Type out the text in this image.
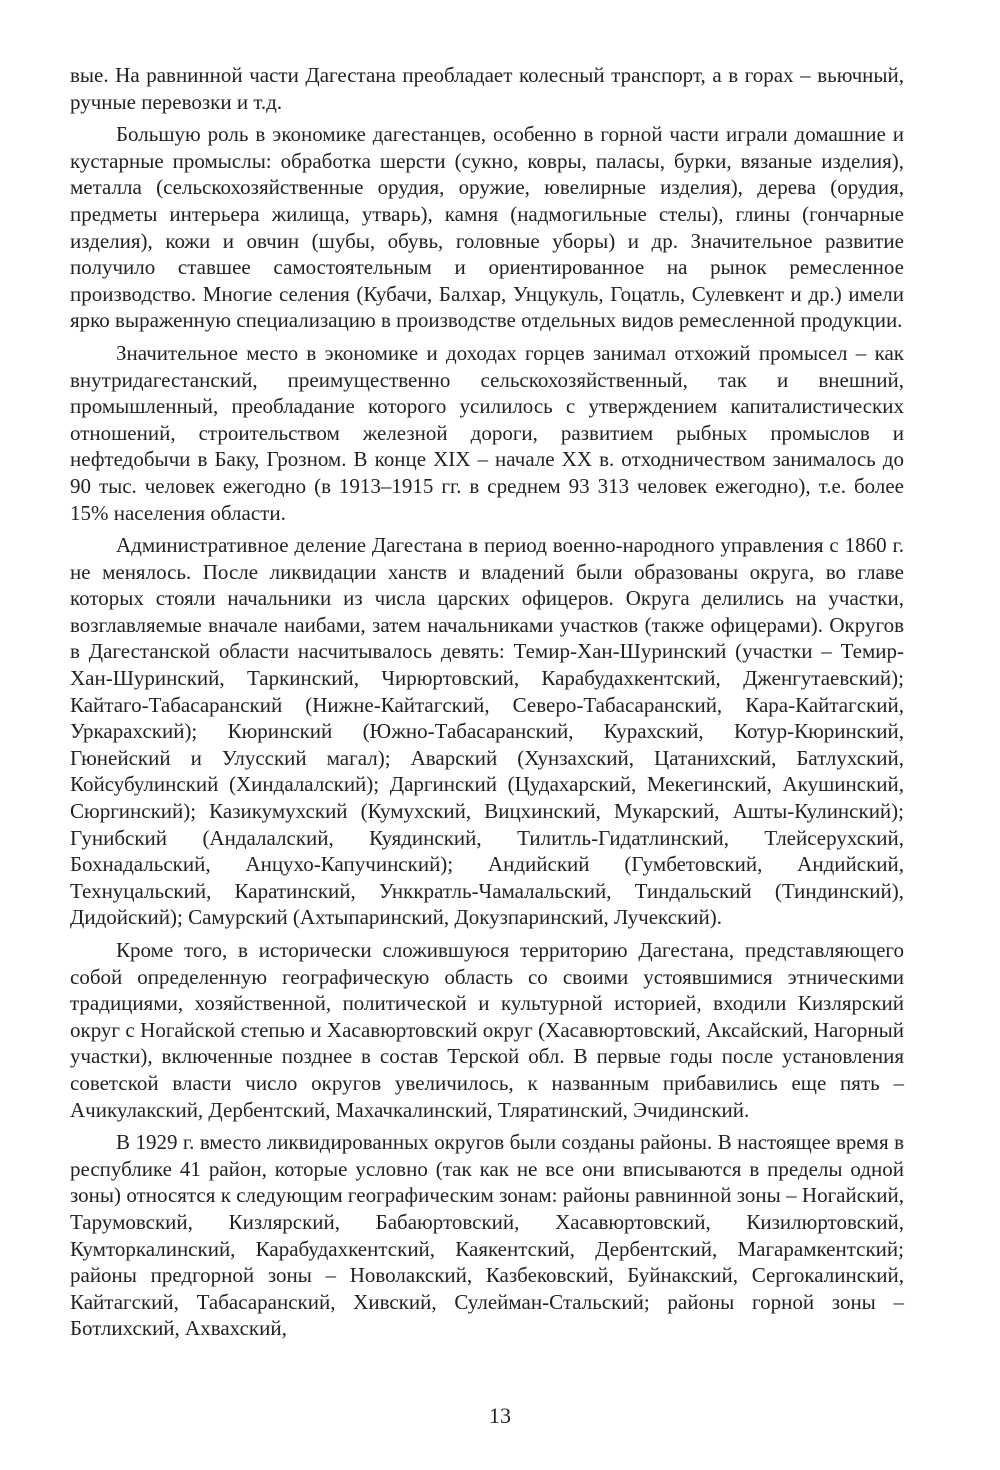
вые. На равнинной части Дагестана преобладает колесный транспорт, а в горах – вьючный, ручные перевозки и т.д.

Большую роль в экономике дагестанцев, особенно в горной части играли домашние и кустарные промыслы: обработка шерсти (сукно, ковры, паласы, бурки, вязаные изделия), металла (сельскохозяйственные орудия, оружие, ювелирные изделия), дерева (орудия, предметы интерьера жилища, утварь), камня (надмогильные стелы), глины (гончарные изделия), кожи и овчин (шубы, обувь, головные уборы) и др. Значительное развитие получило ставшее самостоятельным и ориентированное на рынок ремесленное производство. Многие селения (Кубачи, Балхар, Унцукуль, Гоцатль, Сулевкент и др.) имели ярко выраженную специализацию в производстве отдельных видов ремесленной продукции.

Значительное место в экономике и доходах горцев занимал отхожий промысел – как внутридагестанский, преимущественно сельскохозяйственный, так и внешний, промышленный, преобладание которого усилилось с утверждением капиталистических отношений, строительством железной дороги, развитием рыбных промыслов и нефтедобычи в Баку, Грозном. В конце XIX – начале XX в. отходничеством занималось до 90 тыс. человек ежегодно (в 1913–1915 гг. в среднем 93 313 человек ежегодно), т.е. более 15% населения области.

Административное деление Дагестана в период военно-народного управления с 1860 г. не менялось. После ликвидации ханств и владений были образованы округа, во главе которых стояли начальники из числа царских офицеров. Округа делились на участки, возглавляемые вначале наибами, затем начальниками участков (также офицерами). Округов в Дагестанской области насчитывалось девять: Темир-Хан-Шуринский (участки – Темир-Хан-Шуринский, Таркинский, Чирюртовский, Карабудахкентский, Дженгутаевский); Кайтаго-Табасаранский (Нижне-Кайтагский, Северо-Табасаранский, Кара-Кайтагский, Уркарахский); Кюринский (Южно-Табасаранский, Курахский, Котур-Кюринский, Гюнейский и Улусский магал); Аварский (Хунзахский, Цатанихский, Батлухский, Койсубулинский (Хиндалалский); Даргинский (Цудахарский, Мекегинский, Акушинский, Сюргинский); Казикумухский (Кумухский, Вицхинский, Мукарский, Ашты-Кулинский); Гунибский (Андалалский, Куядинский, Тилитль-Гидатлинский, Тлейсерухский, Бохнадальский, Анцухо-Капучинский); Андийский (Гумбетовский, Андийский, Технуцальский, Каратинский, Унккратль-Чамалальский, Тиндальский (Тиндинский), Дидойский); Самурский (Ахтыпаринский, Докузпаринский, Лучекский).

Кроме того, в исторически сложившуюся территорию Дагестана, представляющего собой определенную географическую область со своими устоявшимися этническими традициями, хозяйственной, политической и культурной историей, входили Кизлярский округ с Ногайской степью и Хасавюртовский округ (Хасавюртовский, Аксайский, Нагорный участки), включенные позднее в состав Терской обл. В первые годы после установления советской власти число округов увеличилось, к названным прибавились еще пять – Ачикулакский, Дербентский, Махачкалинский, Тляратинский, Эчидинский.

В 1929 г. вместо ликвидированных округов были созданы районы. В настоящее время в республике 41 район, которые условно (так как не все они вписываются в пределы одной зоны) относятся к следующим географическим зонам: районы равнинной зоны – Ногайский, Тарумовский, Кизлярский, Бабаюртовский, Хасавюртовский, Кизилюртовский, Кумторкалинский, Карабудахкентский, Каякентский, Дербентский, Магарамкентский; районы предгорной зоны – Новолакский, Казбековский, Буйнакский, Сергокалинский, Кайтагский, Табасаранский, Хивский, Сулейман-Стальский; районы горной зоны – Ботлихский, Ахвахский,

13
